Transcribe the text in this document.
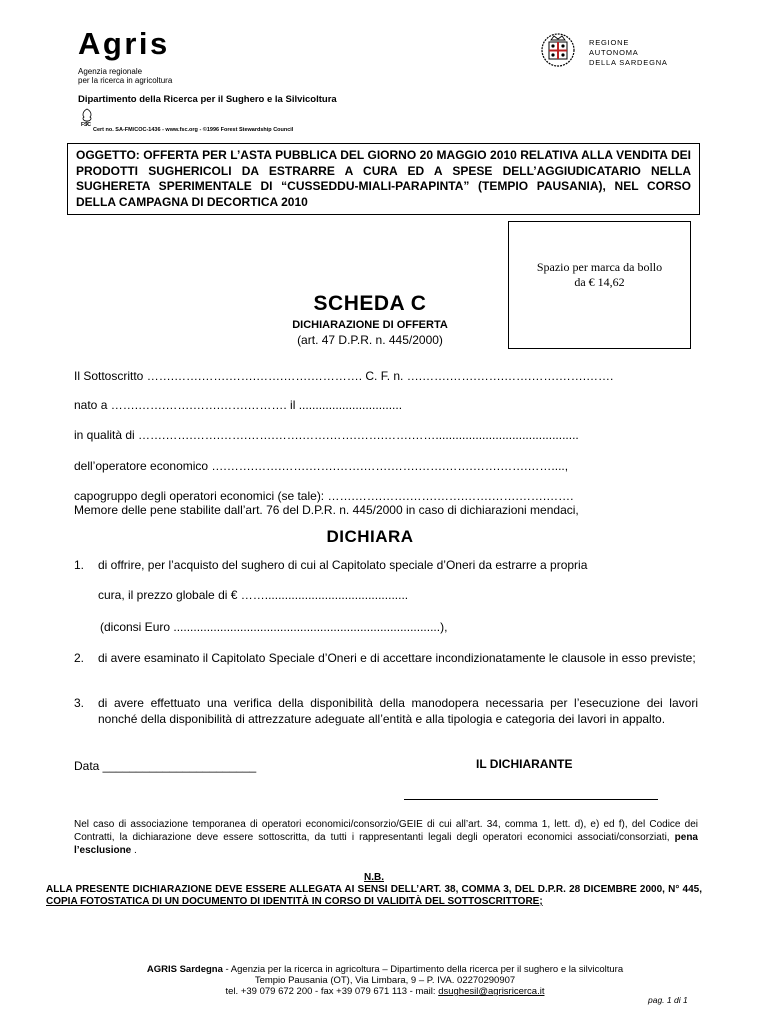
Agris
Agenzia regionale
per la ricerca in agricoltura
Dipartimento della Ricerca per il Sughero e la Silvicoltura
FSC
Cert no. SA-FM/COC-1436 - www.fsc.org - ©1996 Forest Stewardship Council
REGIONE
AUTONOMA
DELLA SARDEGNA
OGGETTO: OFFERTA PER L’ASTA PUBBLICA DEL GIORNO 20 MAGGIO 2010 RELATIVA ALLA VENDITA DEI PRODOTTI SUGHERICOLI DA ESTRARRE A CURA ED A SPESE DELL’AGGIUDICATARIO NELLA SUGHERETA SPERIMENTALE DI “CUSSEDDU-MIALI-PARAPINTA” (TEMPIO PAUSANIA), NEL CORSO DELLA CAMPAGNA DI DECORTICA 2010
Spazio per marca da bollo
da € 14,62
SCHEDA C
DICHIARAZIONE DI OFFERTA
(art. 47 D.P.R. n. 445/2000)
Il Sottoscritto …….…….…….…….…….…….…………. C. F. n. ….…….…….…….…….…….…….…….
nato a …….…….…….…….…….………. il ...............................
in qualità di …….…….…….…….…….…….…….…….…….…….……...........................................
dell’operatore economico ….…….…….…….…….…….…….…….…….…….…….…….……....,
capogruppo degli operatori economici (se tale): …….…….…….…….…….…….…….…….…….
Memore delle pene stabilite dall’art. 76 del D.P.R. n. 445/2000 in caso di dichiarazioni mendaci,
DICHIARA
1.	di offrire, per l’acquisto del sughero di cui al Capitolato speciale d’Oneri da estrarre a propria
cura, il prezzo globale di € ……...........................................
(diconsi Euro ................................................................................),
2.	di avere esaminato il Capitolato Speciale d’Oneri e di accettare incondizionatamente le clausole in esso previste;
3.	di avere effettuato una verifica della disponibilità della manodopera necessaria per l’esecuzione dei lavori nonché della disponibilità di attrezzature adeguate all’entità e alla tipologia e categoria dei lavori in appalto.
Data _______________________	IL DICHIARANTE
Nel caso di associazione temporanea di operatori economici/consorzio/GEIE di cui all’art. 34, comma 1, lett. d), e) ed f), del Codice dei Contratti, la dichiarazione deve essere sottoscritta, da tutti i rappresentanti legali degli operatori economici associati/consorziati, pena l’esclusione .
N.B.
ALLA PRESENTE DICHIARAZIONE DEVE ESSERE ALLEGATA AI SENSI DELL’ART. 38, COMMA 3, DEL D.P.R. 28 DICEMBRE 2000, N° 445, COPIA FOTOSTATICA DI UN DOCUMENTO DI IDENTITÀ IN CORSO DI VALIDITÀ DEL SOTTOSCRITTORE;
AGRIS Sardegna - Agenzia per la ricerca in agricoltura – Dipartimento della ricerca per il sughero e la silvicoltura
Tempio Pausania (OT), Via Limbara, 9 – P. IVA. 02270290907
tel. +39 079 672 200 - fax +39 079 671 113 - mail: dsughesil@agrisricerca.it
pag. 1 di 1
